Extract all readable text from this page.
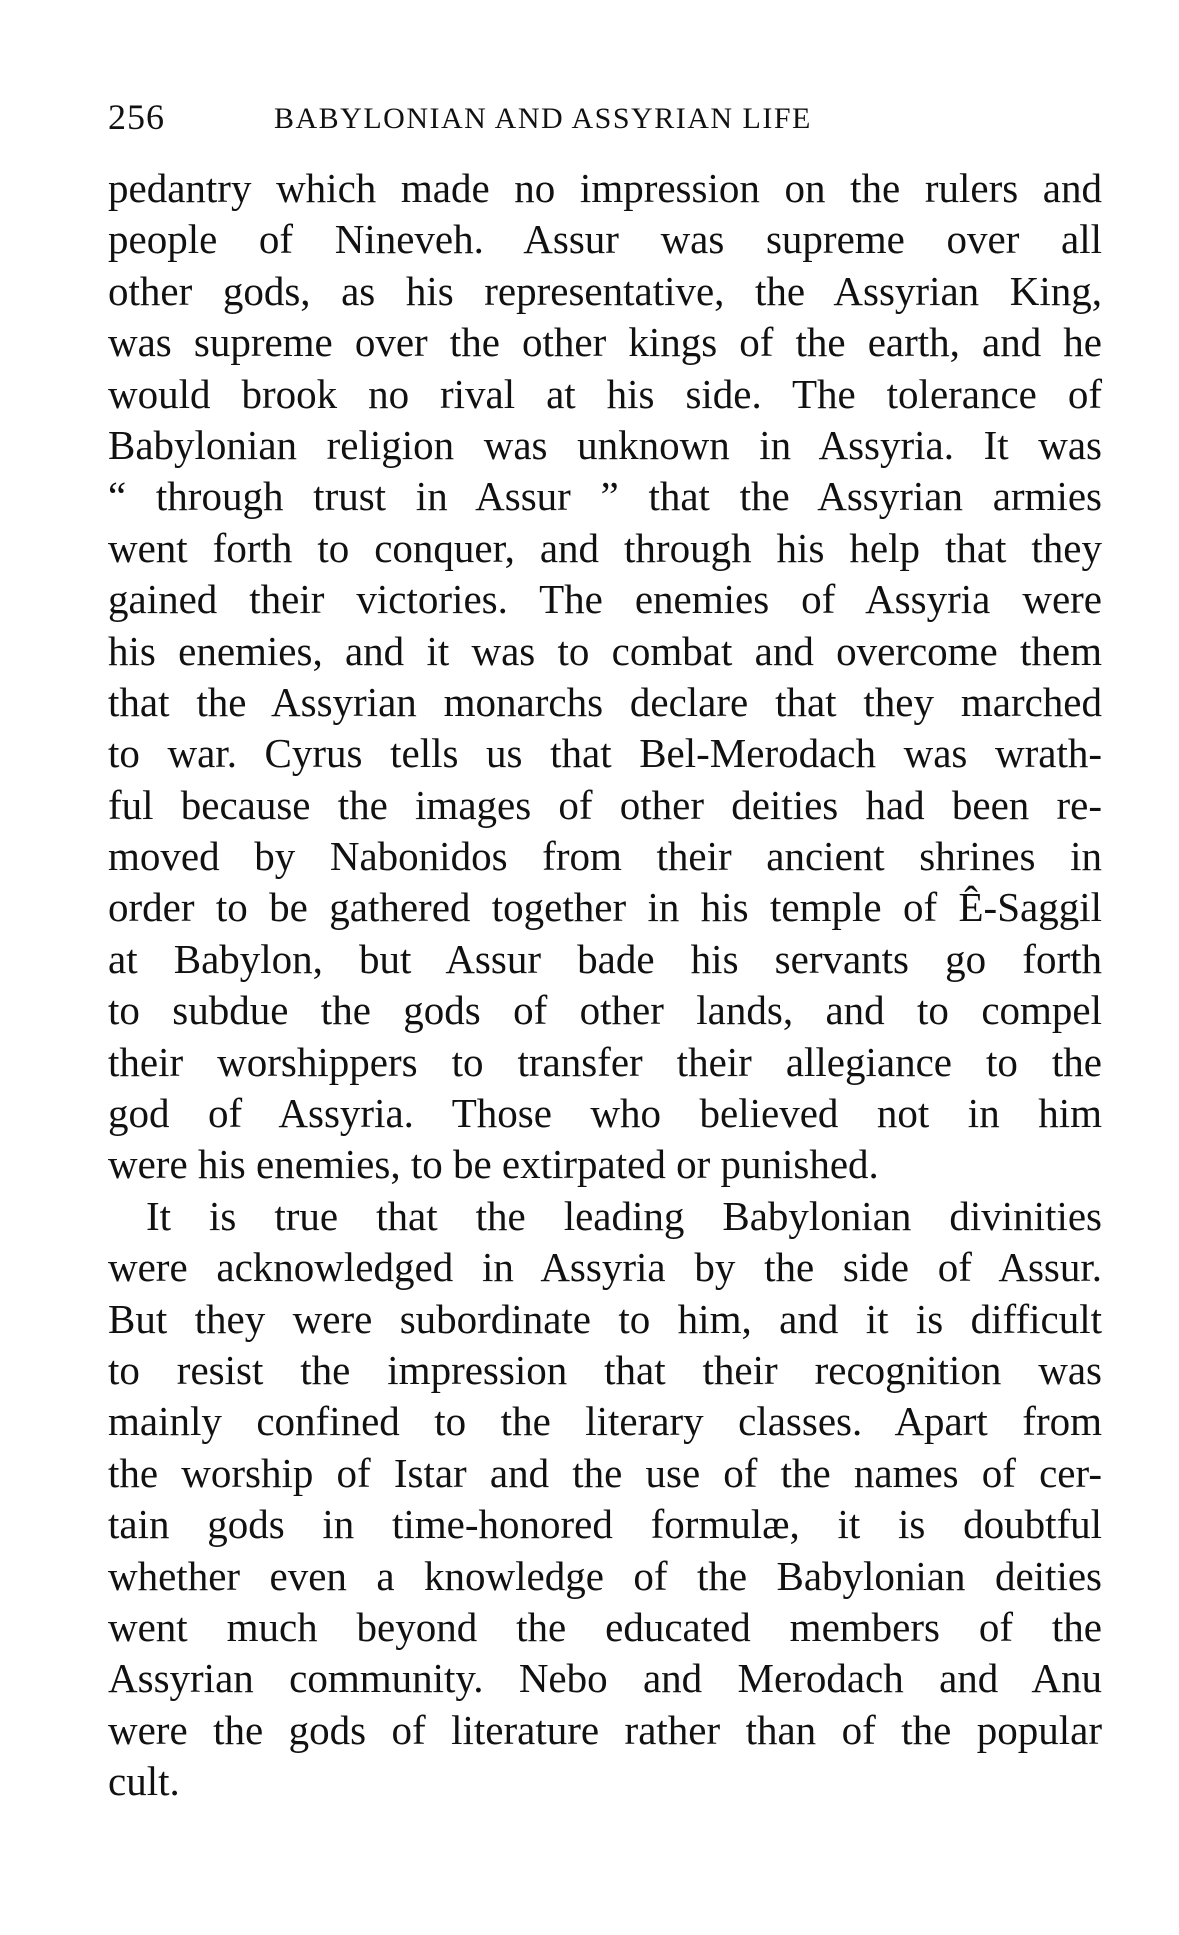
256	BABYLONIAN AND ASSYRIAN LIFE
pedantry which made no impression on the rulers and
people of Nineveh. Assur was supreme over all
other gods, as his representative, the Assyrian King,
was supreme over the other kings of the earth, and he
would brook no rival at his side. The tolerance of
Babylonian religion was unknown in Assyria. It was
“ through trust in Assur ” that the Assyrian armies
went forth to conquer, and through his help that they
gained their victories. The enemies of Assyria were
his enemies, and it was to combat and overcome them
that the Assyrian monarchs declare that they marched
to war. Cyrus tells us that Bel-Merodach was wrath-
ful because the images of other deities had been re-
moved by Nabonidos from their ancient shrines in
order to be gathered together in his temple of Ê-Saggil
at Babylon, but Assur bade his servants go forth
to subdue the gods of other lands, and to compel
their worshippers to transfer their allegiance to the
god of Assyria. Those who believed not in him
were his enemies, to be extirpated or punished.
It is true that the leading Babylonian divinities
were acknowledged in Assyria by the side of Assur.
But they were subordinate to him, and it is difficult
to resist the impression that their recognition was
mainly confined to the literary classes. Apart from
the worship of Istar and the use of the names of cer-
tain gods in time-honored formulæ, it is doubtful
whether even a knowledge of the Babylonian deities
went much beyond the educated members of the
Assyrian community. Nebo and Merodach and Anu
were the gods of literature rather than of the popular
cult.
